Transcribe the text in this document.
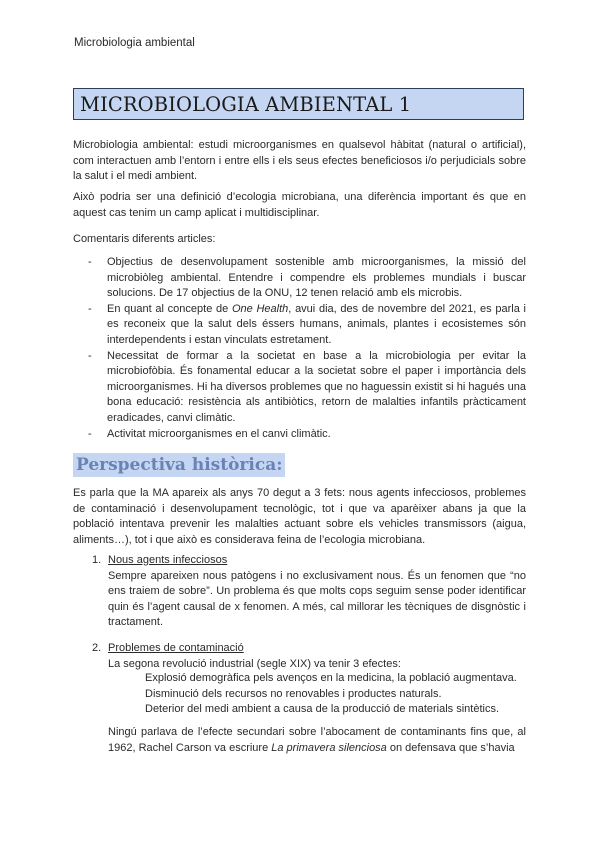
Microbiologia ambiental
MICROBIOLOGIA AMBIENTAL 1
Microbiologia ambiental: estudi microorganismes en qualsevol hàbitat (natural o artificial), com interactuen amb l’entorn i entre ells i els seus efectes beneficiosos i/o perjudicials sobre la salut i el medi ambient.
Això podria ser una definició d’ecologia microbiana, una diferència important és que en aquest cas tenim un camp aplicat i multidisciplinar.
Comentaris diferents articles:
- Objectius de desenvolupament sostenible amb microorganismes, la missió del microbiòleg ambiental. Entendre i compendre els problemes mundials i buscar solucions. De 17 objectius de la ONU, 12 tenen relació amb els microbis.
- En quant al concepte de One Health, avui dia, des de novembre del 2021, es parla i es reconeix que la salut dels éssers humans, animals, plantes i ecosistemes són interdependents i estan vinculats estretament.
- Necessitat de formar a la societat en base a la microbiologia per evitar la microbiofòbia. És fonamental educar a la societat sobre el paper i importància dels microorganismes. Hi ha diversos problemes que no haguessin existit si hi hagués una bona educació: resistència als antibiòtics, retorn de malalties infantils pràcticament eradicades, canvi climàtic.
- Activitat microorganismes en el canvi climàtic.
Perspectiva històrica:
Es parla que la MA apareix als anys 70 degut a 3 fets: nous agents infecciosos, problemes de contaminació i desenvolupament tecnològic, tot i que va aparèixer abans ja que la població intentava prevenir les malalties actuant sobre els vehicles transmissors (aigua, aliments…), tot i que això es considerava feina de l’ecologia microbiana.
1. Nous agents infecciosos
Sempre apareixen nous patògens i no exclusivament nous. És un fenomen que “no ens traiem de sobre”. Un problema és que molts cops seguim sense poder identificar quin és l’agent causal de x fenomen. A més, cal millorar les tècniques de disgnòstic i tractament.
2. Problemes de contaminació
La segona revolució industrial (segle XIX) va tenir 3 efectes:
Explosió demogràfica pels avenços en la medicina, la població augmentava.
Disminució dels recursos no renovables i productes naturals.
Deterior del medi ambient a causa de la producció de materials sintètics.
Ningú parlava de l’efecte secundari sobre l’abocament de contaminants fins que, al 1962, Rachel Carson va escriure La primavera silenciosa on defensava que s’havia
